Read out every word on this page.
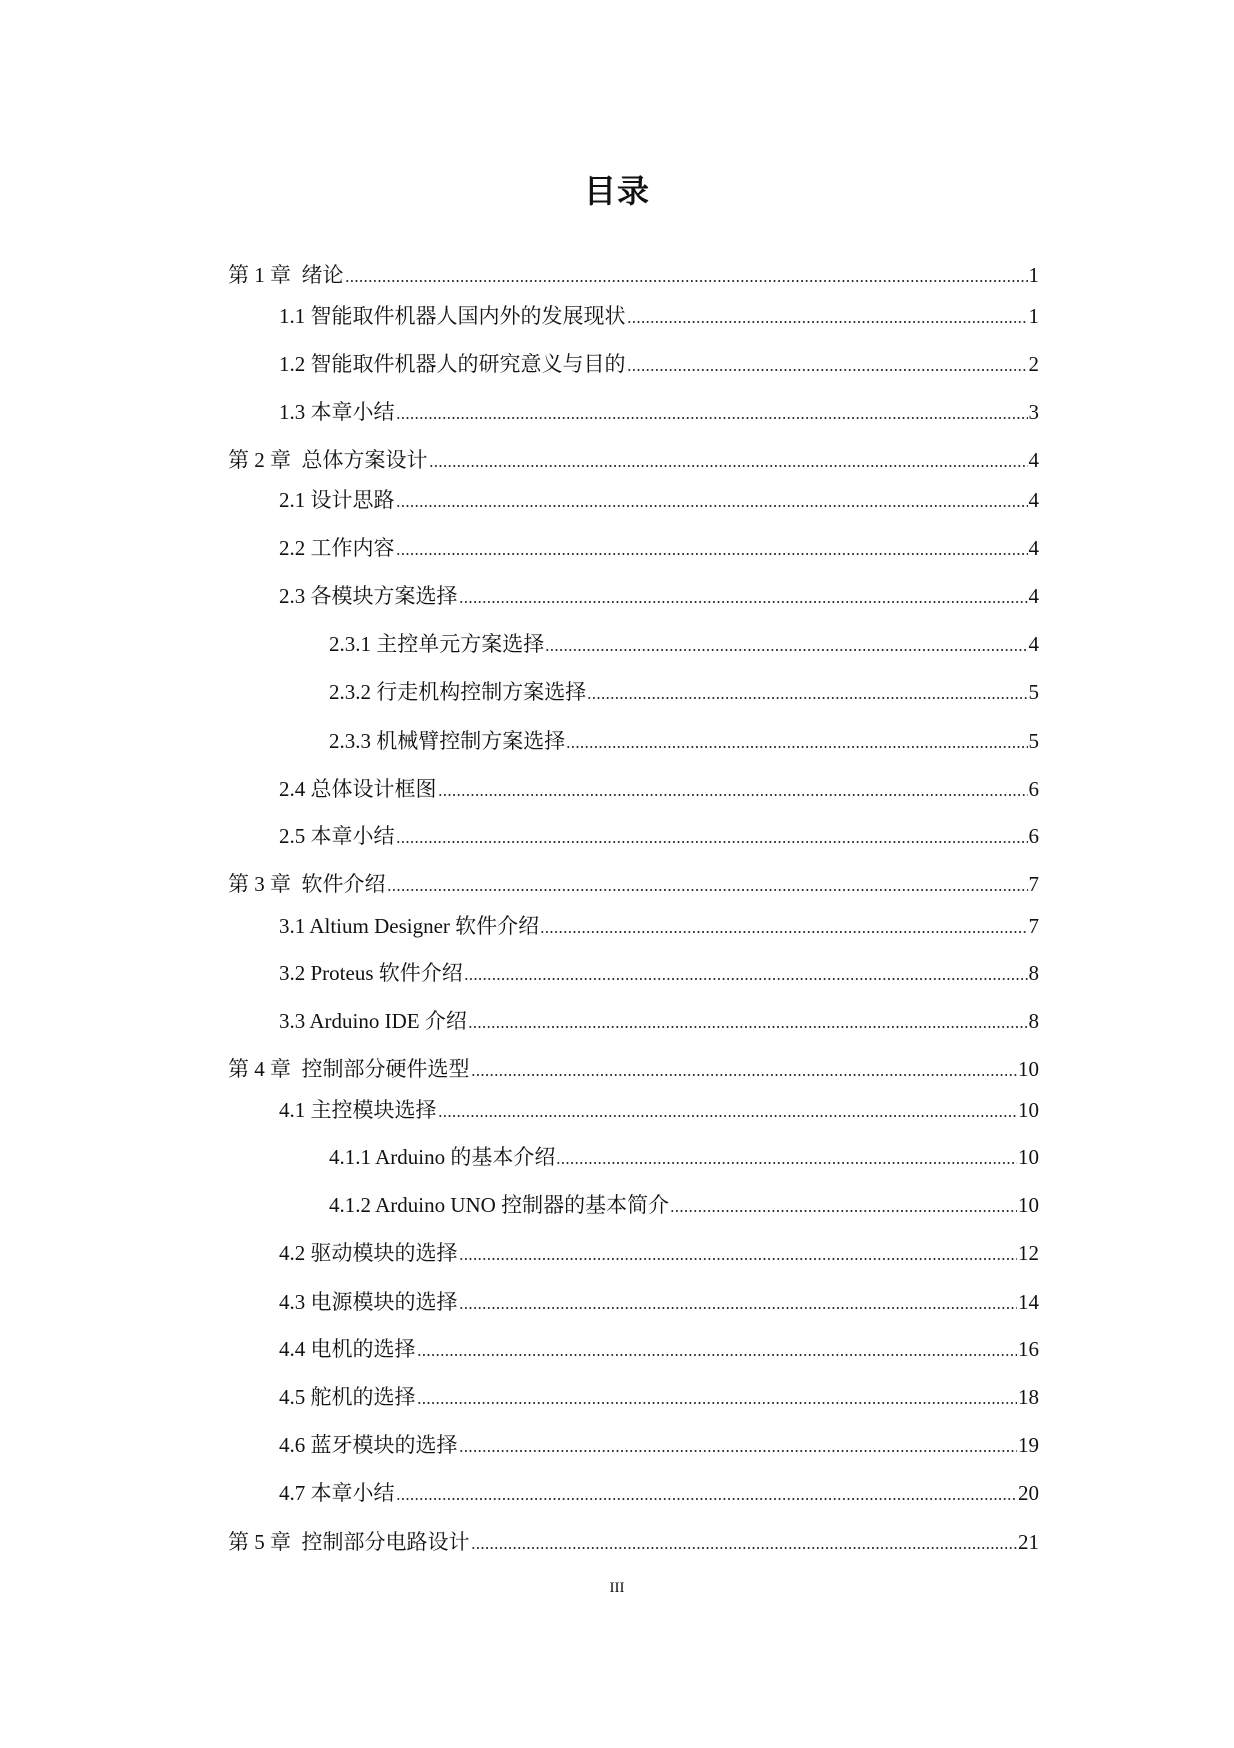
目录
第 1 章  绪论	1
1.1 智能取件机器人国内外的发展现状	1
1.2 智能取件机器人的研究意义与目的	2
1.3 本章小结	3
第 2 章  总体方案设计	4
2.1 设计思路	4
2.2 工作内容	4
2.3 各模块方案选择	4
2.3.1 主控单元方案选择	4
2.3.2 行走机构控制方案选择	5
2.3.3 机械臂控制方案选择	5
2.4 总体设计框图	6
2.5 本章小结	6
第 3 章  软件介绍	7
3.1 Altium Designer 软件介绍	7
3.2 Proteus 软件介绍	8
3.3 Arduino IDE 介绍	8
第 4 章  控制部分硬件选型	10
4.1 主控模块选择	10
4.1.1 Arduino 的基本介绍	10
4.1.2 Arduino UNO 控制器的基本简介	10
4.2 驱动模块的选择	12
4.3 电源模块的选择	14
4.4 电机的选择	16
4.5 舵机的选择	18
4.6 蓝牙模块的选择	19
4.7 本章小结	20
第 5 章  控制部分电路设计	21
III
